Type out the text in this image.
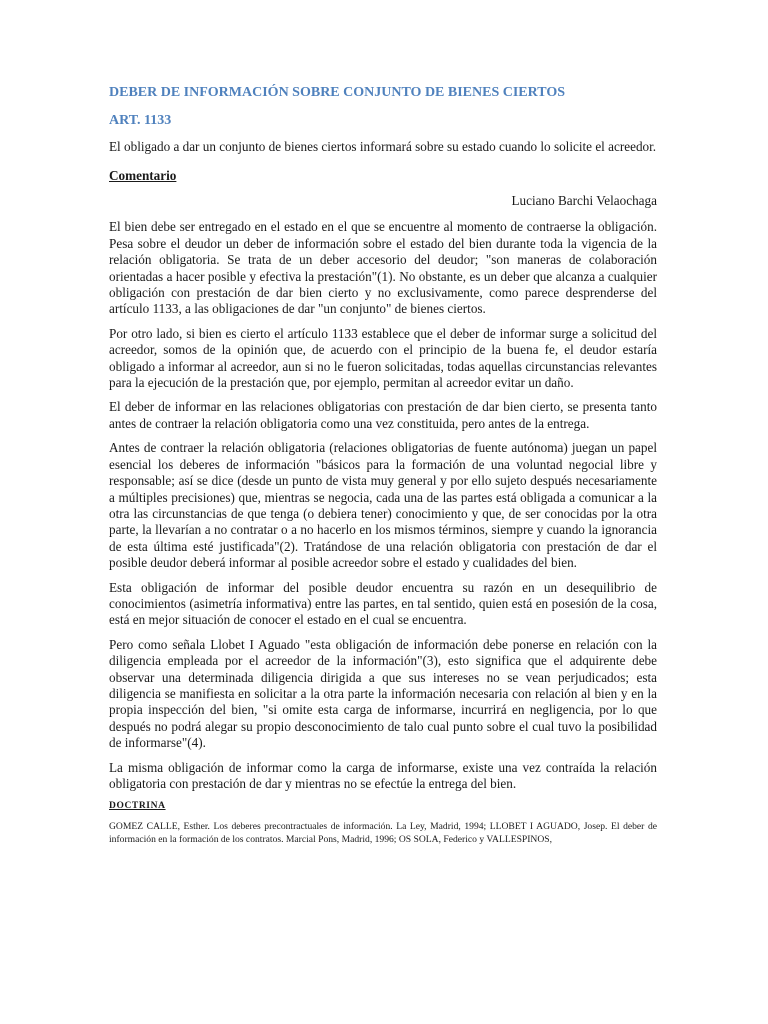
DEBER DE INFORMACIÓN SOBRE CONJUNTO DE BIENES CIERTOS
ART. 1133

El obligado a dar un conjunto de bienes ciertos informará sobre su estado cuando lo solicite el acreedor.

Comentario
Luciano Barchi Velaochaga

El bien debe ser entregado en el estado en el que se encuentre al momento de contraerse la obligación. Pesa sobre el deudor un deber de información sobre el estado del bien durante toda la vigencia de la relación obligatoria. Se trata de un deber accesorio del deudor; "son maneras de colaboración orientadas a hacer posible y efectiva la prestación"(1). No obstante, es un deber que alcanza a cualquier obligación con prestación de dar bien cierto y no exclusivamente, como parece desprenderse del artículo 1133, a las obligaciones de dar "un conjunto" de bienes ciertos.

Por otro lado, si bien es cierto el artículo 1133 establece que el deber de informar surge a solicitud del acreedor, somos de la opinión que, de acuerdo con el principio de la buena fe, el deudor estaría obligado a informar al acreedor, aun si no le fueron solicitadas, todas aquellas circunstancias relevantes para la ejecución de la prestación que, por ejemplo, permitan al acreedor evitar un daño.

El deber de informar en las relaciones obligatorias con prestación de dar bien cierto, se presenta tanto antes de contraer la relación obligatoria como una vez constituida, pero antes de la entrega.

Antes de contraer la relación obligatoria (relaciones obligatorias de fuente autónoma) juegan un papel esencial los deberes de información "básicos para la formación de una voluntad negocial libre y responsable; así se dice (desde un punto de vista muy general y por ello sujeto después necesariamente a múltiples precisiones) que, mientras se negocia, cada una de las partes está obligada a comunicar a la otra las circunstancias de que tenga (o debiera tener) conocimiento y que, de ser conocidas por la otra parte, la llevarían a no contratar o a no hacerlo en los mismos términos, siempre y cuando la ignorancia de esta última esté justificada"(2). Tratándose de una relación obligatoria con prestación de dar el posible deudor deberá informar al posible acreedor sobre el estado y cualidades del bien.

Esta obligación de informar del posible deudor encuentra su razón en un desequilibrio de conocimientos (asimetría informativa) entre las partes, en tal sentido, quien está en posesión de la cosa, está en mejor situación de conocer el estado en el cual se encuentra.

Pero como señala Llobet I Aguado "esta obligación de información debe ponerse en relación con la diligencia empleada por el acreedor de la información"(3), esto significa que el adquirente debe observar una determinada diligencia dirigida a que sus intereses no se vean perjudicados; esta diligencia se manifiesta en solicitar a la otra parte la información necesaria con relación al bien y en la propia inspección del bien, "si omite esta carga de informarse, incurrirá en negligencia, por lo que después no podrá alegar su propio desconocimiento de talo cual punto sobre el cual tuvo la posibilidad de informarse"(4).

La misma obligación de informar como la carga de informarse, existe una vez contraída la relación obligatoria con prestación de dar y mientras no se efectúe la entrega del bien.

DOCTRINA
GOMEZ CALLE, Esther. Los deberes precontractuales de información. La Ley, Madrid, 1994; LLOBET I AGUADO, Josep. El deber de información en la formación de los contratos. Marcial Pons, Madrid, 1996; OS SOLA, Federico y VALLESPINOS,
